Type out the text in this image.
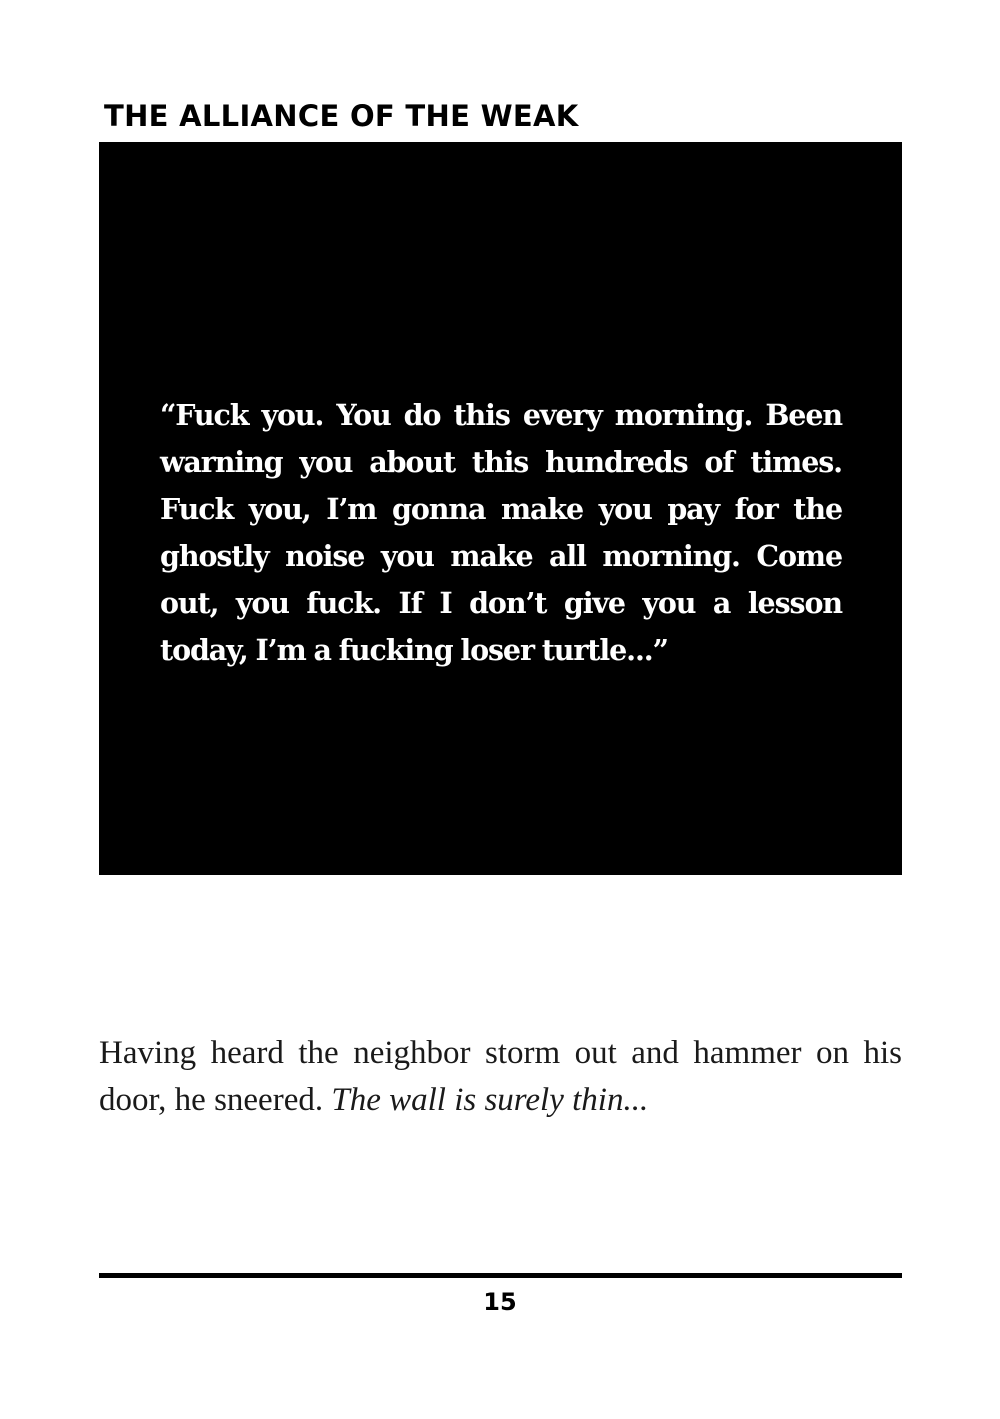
THE ALLIANCE OF THE WEAK

“Fuck you. You do this every morning. Been warning you about this hundreds of times. Fuck you, I’m gonna make you pay for the ghostly noise you make all morning. Come out, you fuck. If I don’t give you a lesson today, I’m a fucking loser turtle...”

Having heard the neighbor storm out and hammer on his door, he sneered. The wall is surely thin...

15
